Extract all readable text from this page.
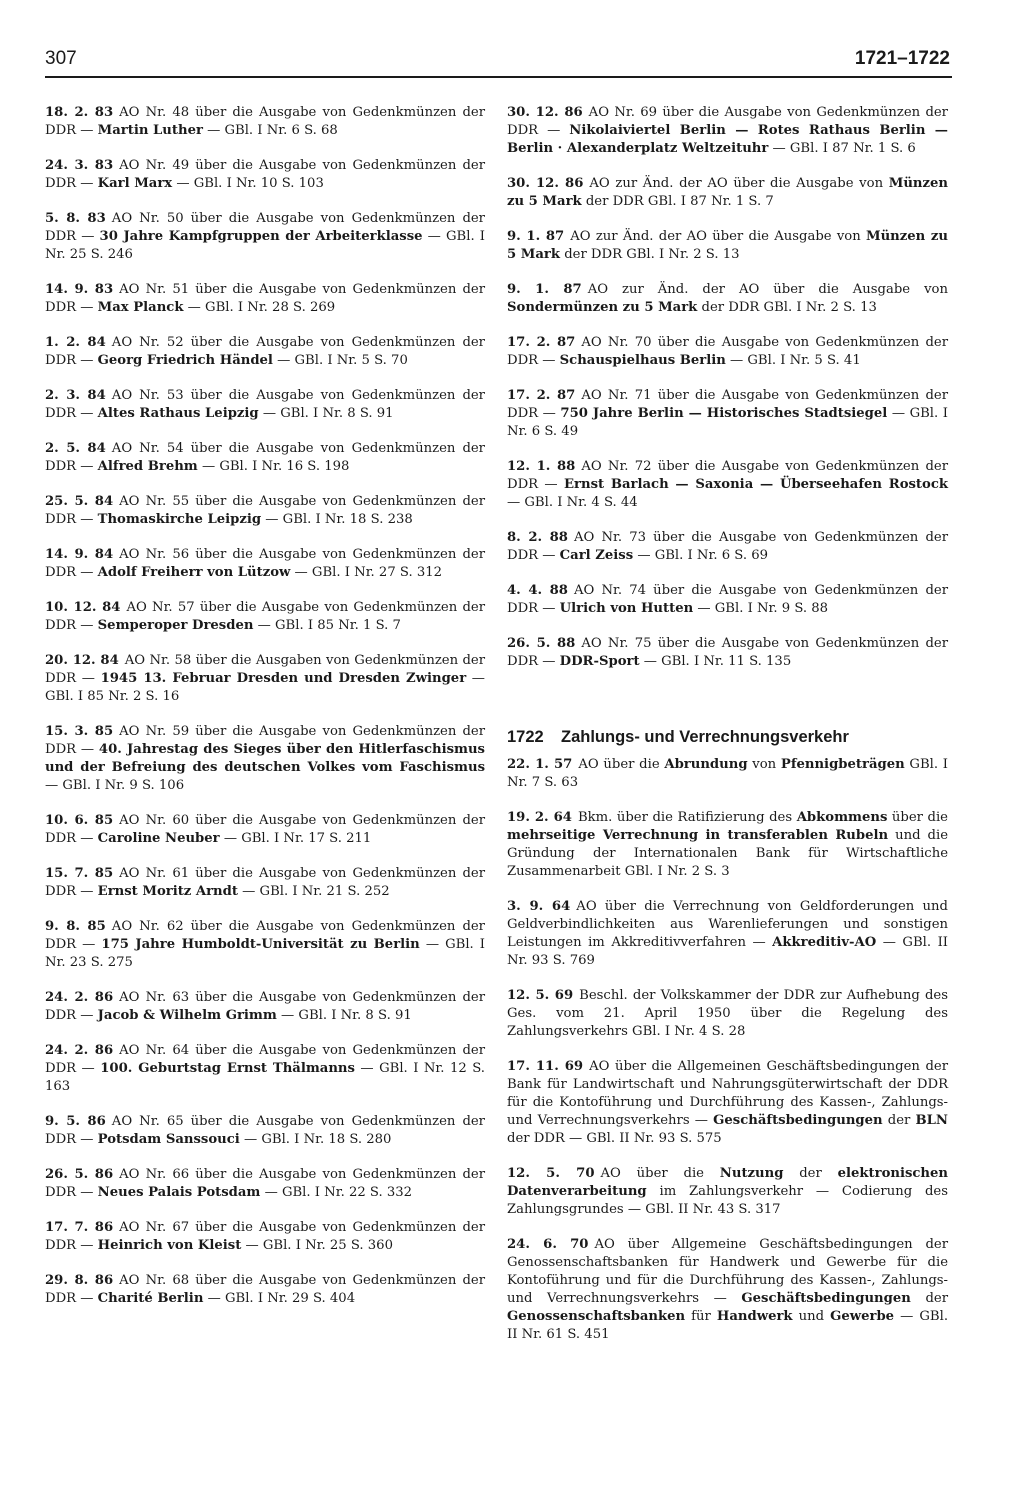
307	1721–1722

18. 2. 83 AO Nr. 48 über die Ausgabe von Gedenkmünzen der DDR — Martin Luther — GBl. I Nr. 6 S. 68

24. 3. 83 AO Nr. 49 über die Ausgabe von Gedenkmünzen der DDR — Karl Marx — GBl. I Nr. 10 S. 103

5. 8. 83 AO Nr. 50 über die Ausgabe von Gedenkmünzen der DDR — 30 Jahre Kampfgruppen der Arbeiterklasse — GBl. I Nr. 25 S. 246

14. 9. 83 AO Nr. 51 über die Ausgabe von Gedenkmünzen der DDR — Max Planck — GBl. I Nr. 28 S. 269

1. 2. 84 AO Nr. 52 über die Ausgabe von Gedenkmünzen der DDR — Georg Friedrich Händel — GBl. I Nr. 5 S. 70

2. 3. 84 AO Nr. 53 über die Ausgabe von Gedenkmünzen der DDR — Altes Rathaus Leipzig — GBl. I Nr. 8 S. 91

2. 5. 84 AO Nr. 54 über die Ausgabe von Gedenkmünzen der DDR — Alfred Brehm — GBl. I Nr. 16 S. 198

25. 5. 84 AO Nr. 55 über die Ausgabe von Gedenkmünzen der DDR — Thomaskirche Leipzig — GBl. I Nr. 18 S. 238

14. 9. 84 AO Nr. 56 über die Ausgabe von Gedenkmünzen der DDR — Adolf Freiherr von Lützow — GBl. I Nr. 27 S. 312

10. 12. 84 AO Nr. 57 über die Ausgabe von Gedenkmünzen der DDR — Semperoper Dresden — GBl. I 85 Nr. 1 S. 7

20. 12. 84 AO Nr. 58 über die Ausgaben von Gedenkmünzen der DDR — 1945 13. Februar Dresden und Dresden Zwinger — GBl. I 85 Nr. 2 S. 16

15. 3. 85 AO Nr. 59 über die Ausgabe von Gedenkmünzen der DDR — 40. Jahrestag des Sieges über den Hitlerfaschismus und der Befreiung des deutschen Volkes vom Faschismus — GBl. I Nr. 9 S. 106

10. 6. 85 AO Nr. 60 über die Ausgabe von Gedenkmünzen der DDR — Caroline Neuber — GBl. I Nr. 17 S. 211

15. 7. 85 AO Nr. 61 über die Ausgabe von Gedenkmünzen der DDR — Ernst Moritz Arndt — GBl. I Nr. 21 S. 252

9. 8. 85 AO Nr. 62 über die Ausgabe von Gedenkmünzen der DDR — 175 Jahre Humboldt-Universität zu Berlin — GBl. I Nr. 23 S. 275

24. 2. 86 AO Nr. 63 über die Ausgabe von Gedenkmünzen der DDR — Jacob & Wilhelm Grimm — GBl. I Nr. 8 S. 91

24. 2. 86 AO Nr. 64 über die Ausgabe von Gedenkmünzen der DDR — 100. Geburtstag Ernst Thälmanns — GBl. I Nr. 12 S. 163

9. 5. 86 AO Nr. 65 über die Ausgabe von Gedenkmünzen der DDR — Potsdam Sanssouci — GBl. I Nr. 18 S. 280

26. 5. 86 AO Nr. 66 über die Ausgabe von Gedenkmünzen der DDR — Neues Palais Potsdam — GBl. I Nr. 22 S. 332

17. 7. 86 AO Nr. 67 über die Ausgabe von Gedenkmünzen der DDR — Heinrich von Kleist — GBl. I Nr. 25 S. 360

29. 8. 86 AO Nr. 68 über die Ausgabe von Gedenkmünzen der DDR — Charité Berlin — GBl. I Nr. 29 S. 404

30. 12. 86 AO Nr. 69 über die Ausgabe von Gedenkmünzen der DDR — Nikolaiviertel Berlin — Rotes Rathaus Berlin — Berlin · Alexanderplatz Weltzeituhr — GBl. I 87 Nr. 1 S. 6

30. 12. 86 AO zur Änd. der AO über die Ausgabe von Münzen zu 5 Mark der DDR GBl. I 87 Nr. 1 S. 7

9. 1. 87 AO zur Änd. der AO über die Ausgabe von Münzen zu 5 Mark der DDR GBl. I Nr. 2 S. 13

9. 1. 87 AO zur Änd. der AO über die Ausgabe von Sondermünzen zu 5 Mark der DDR GBl. I Nr. 2 S. 13

17. 2. 87 AO Nr. 70 über die Ausgabe von Gedenkmünzen der DDR — Schauspielhaus Berlin — GBl. I Nr. 5 S. 41

17. 2. 87 AO Nr. 71 über die Ausgabe von Gedenkmünzen der DDR — 750 Jahre Berlin — Historisches Stadtsiegel — GBl. I Nr. 6 S. 49

12. 1. 88 AO Nr. 72 über die Ausgabe von Gedenkmünzen der DDR — Ernst Barlach — Saxonia — Überseehafen Rostock — GBl. I Nr. 4 S. 44

8. 2. 88 AO Nr. 73 über die Ausgabe von Gedenkmünzen der DDR — Carl Zeiss — GBl. I Nr. 6 S. 69

4. 4. 88 AO Nr. 74 über die Ausgabe von Gedenkmünzen der DDR — Ulrich von Hutten — GBl. I Nr. 9 S. 88

26. 5. 88 AO Nr. 75 über die Ausgabe von Gedenkmünzen der DDR — DDR-Sport — GBl. I Nr. 11 S. 135

1722 Zahlungs- und Verrechnungsverkehr

22. 1. 57 AO über die Abrundung von Pfennigbeträgen GBl. I Nr. 7 S. 63

19. 2. 64 Bkm. über die Ratifizierung des Abkommens über die mehrseitige Verrechnung in transferablen Rubeln und die Gründung der Internationalen Bank für Wirtschaftliche Zusammenarbeit GBl. I Nr. 2 S. 3

3. 9. 64 AO über die Verrechnung von Geldforderungen und Geldverbindlichkeiten aus Warenlieferungen und sonstigen Leistungen im Akkreditivverfahren — Akkreditiv-AO — GBl. II Nr. 93 S. 769

12. 5. 69 Beschl. der Volkskammer der DDR zur Aufhebung des Ges. vom 21. April 1950 über die Regelung des Zahlungsverkehrs GBl. I Nr. 4 S. 28

17. 11. 69 AO über die Allgemeinen Geschäftsbedingungen der Bank für Landwirtschaft und Nahrungsgüterwirtschaft der DDR für die Kontoführung und Durchführung des Kassen-, Zahlungs- und Verrechnungsverkehrs — Geschäftsbedingungen der BLN der DDR — GBl. II Nr. 93 S. 575

12. 5. 70 AO über die Nutzung der elektronischen Datenverarbeitung im Zahlungsverkehr — Codierung des Zahlungsgrundes — GBl. II Nr. 43 S. 317

24. 6. 70 AO über Allgemeine Geschäftsbedingungen der Genossenschaftsbanken für Handwerk und Gewerbe für die Kontoführung und für die Durchführung des Kassen-, Zahlungs- und Verrechnungsverkehrs — Geschäftsbedingungen der Genossenschaftsbanken für Handwerk und Gewerbe — GBl. II Nr. 61 S. 451
